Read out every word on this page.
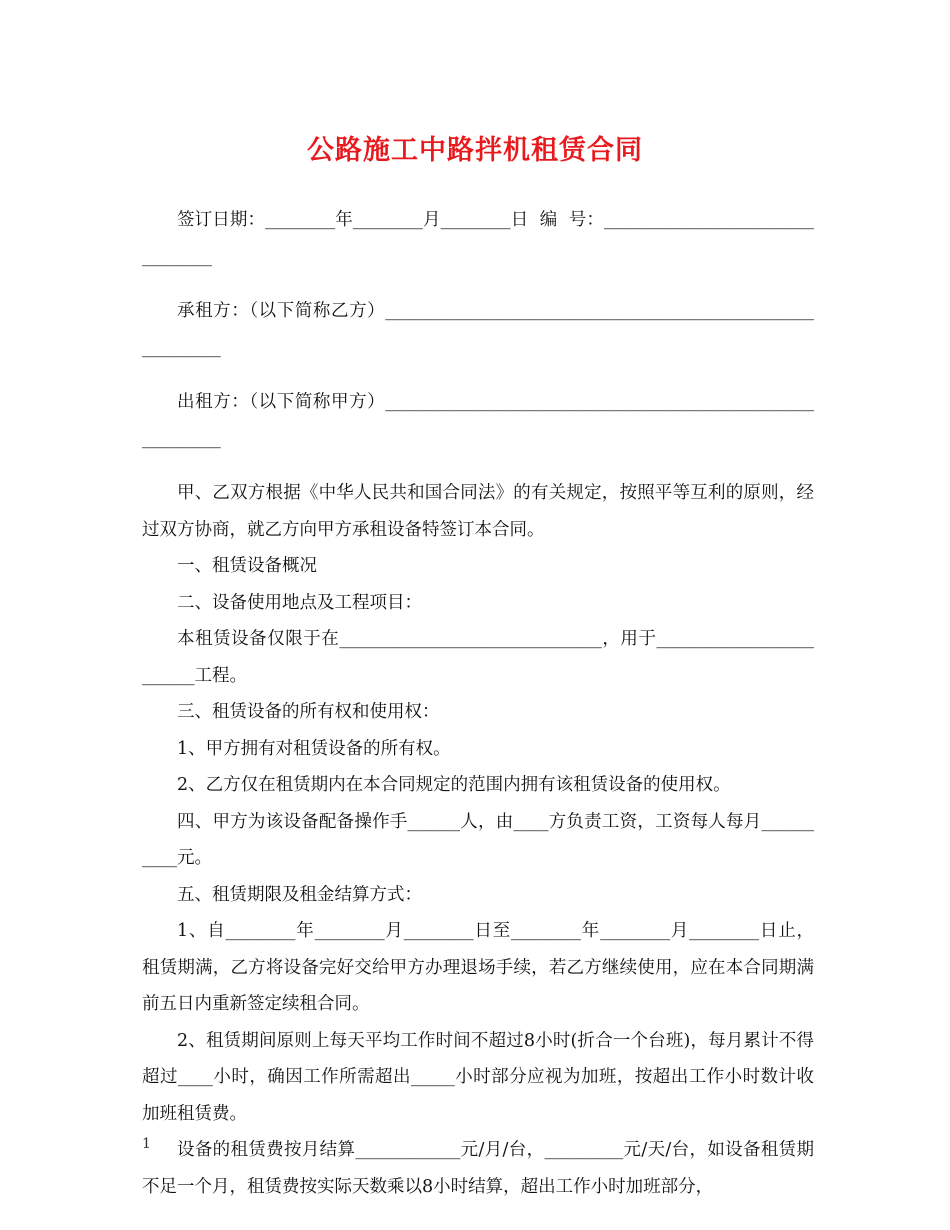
公路施工中路拌机租赁合同

签订日期：________年________月________日  编  号：________________________________

承租方：（以下简称乙方）__________________________________________________________

出租方：（以下简称甲方）__________________________________________________________

甲、乙双方根据《中华人民共和国合同法》的有关规定，按照平等互利的原则，经过双方协商，就乙方向甲方承租设备特签订本合同。

一、租赁设备概况

二、设备使用地点及工程项目：

本租赁设备仅限于在______________________________，用于________________________工程。

三、租赁设备的所有权和使用权：

1、甲方拥有对租赁设备的所有权。

2、乙方仅在租赁期内在本合同规定的范围内拥有该租赁设备的使用权。

四、甲方为该设备配备操作手______人，由____方负责工资，工资每人每月__________元。

五、租赁期限及租金结算方式：

1、自________年________月________日至________年________月________日止，租赁期满，乙方将设备完好交给甲方办理退场手续，若乙方继续使用，应在本合同期满前五日内重新签定续租合同。

2、租赁期间原则上每天平均工作时间不超过8小时(折合一个台班)，每月累计不得超过____小时，确因工作所需超出_____小时部分应视为加班，按超出工作小时数计收加班租赁费。

设备的租赁费按月结算____________元/月/台，_________元/天/台，如设备租赁期不足一个月，租赁费按实际天数乘以8小时结算，超出工作小时加班部分，

1
